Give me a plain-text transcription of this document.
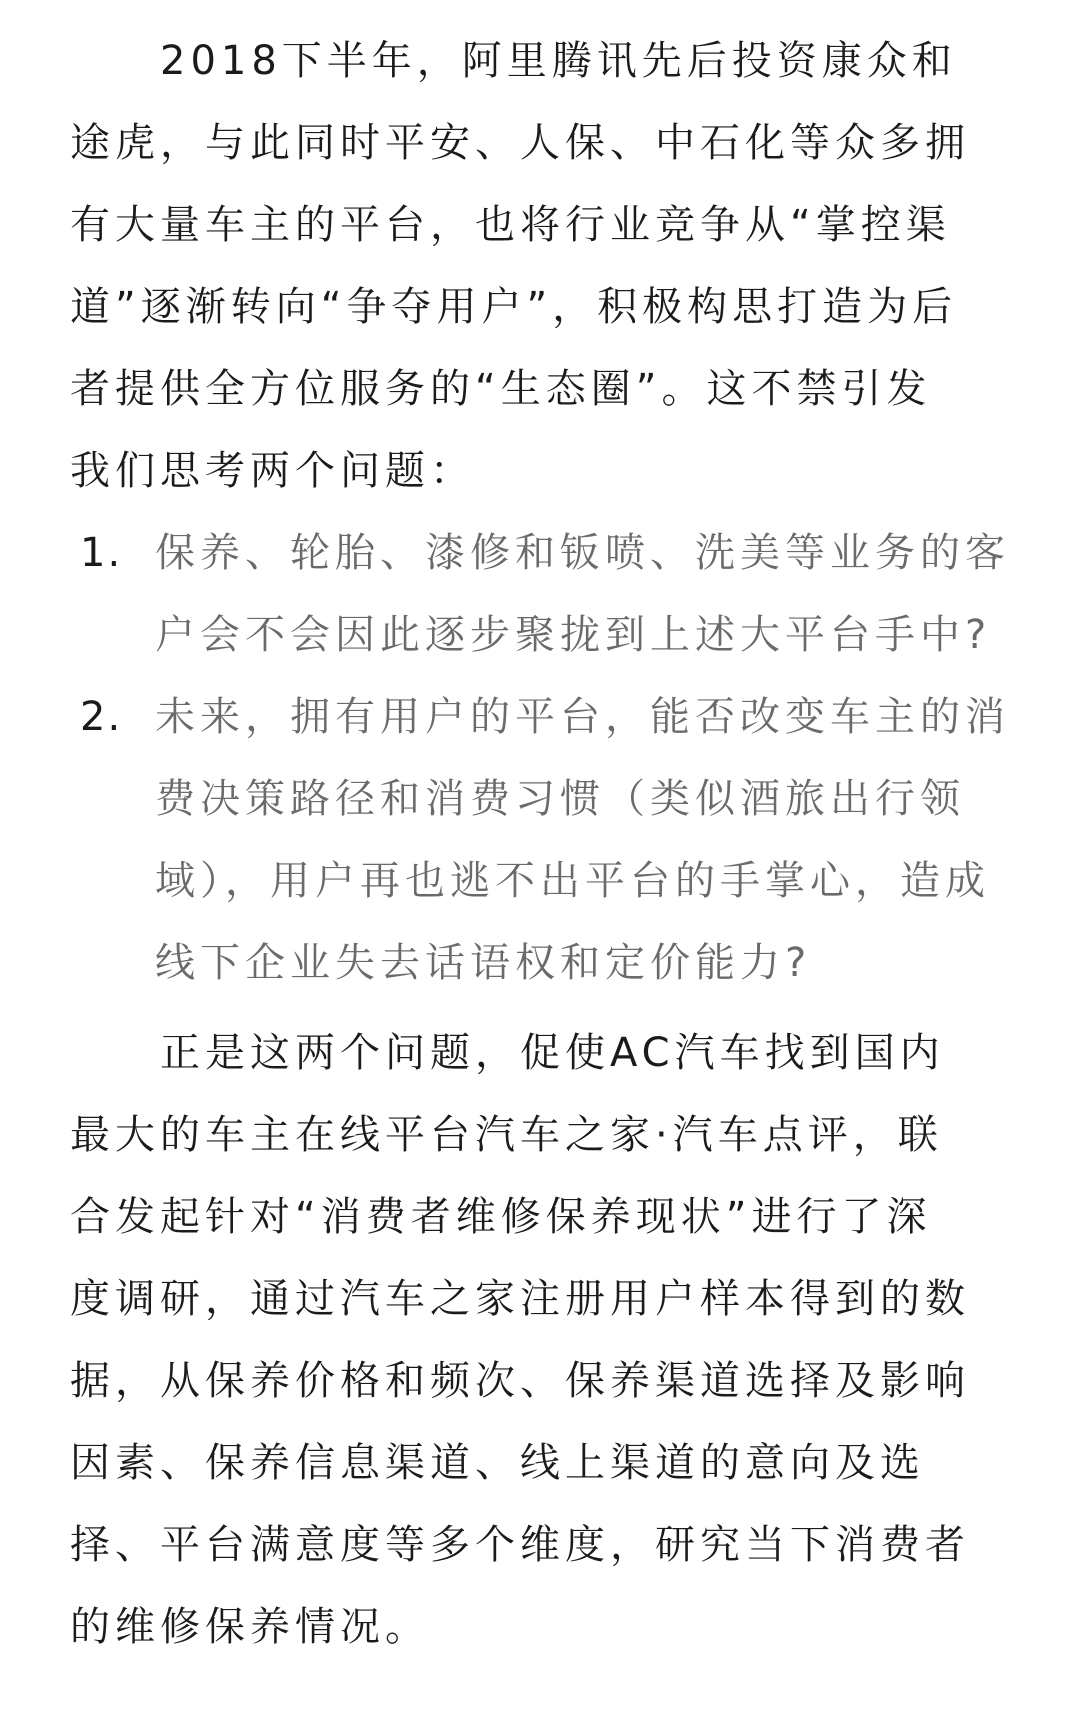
　　2018下半年，阿里腾讯先后投资康众和
途虎，与此同时平安、人保、中石化等众多拥
有大量车主的平台，也将行业竞争从“掌控渠
道”逐渐转向“争夺用户”，积极构思打造为后
者提供全方位服务的“生态圈”。这不禁引发
我们思考两个问题：
1. 保养、轮胎、漆修和钣喷、洗美等业务的客
户会不会因此逐步聚拢到上述大平台手中?
2. 未来，拥有用户的平台，能否改变车主的消
费决策路径和消费习惯（类似酒旅出行领
域），用户再也逃不出平台的手掌心，造成
线下企业失去话语权和定价能力?
　　正是这两个问题，促使AC汽车找到国内
最大的车主在线平台汽车之家·汽车点评，联
合发起针对“消费者维修保养现状”进行了深
度调研，通过汽车之家注册用户样本得到的数
据，从保养价格和频次、保养渠道选择及影响
因素、保养信息渠道、线上渠道的意向及选
择、平台满意度等多个维度，研究当下消费者
的维修保养情况。
